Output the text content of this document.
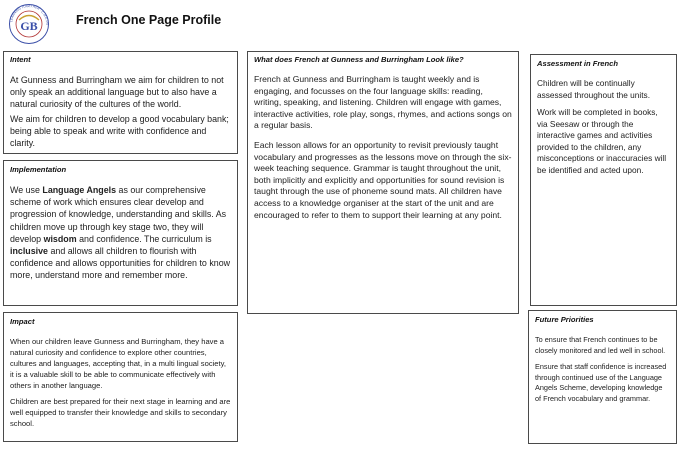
GB
LEARNING TOGETHER · C of E PR French One Page Profile
Intent

At Gunness and Burringham we aim for children to not only speak an additional language but to also have a natural curiosity of the cultures of the world.

We aim for children to develop a good vocabulary bank; being able to speak and write with confidence and clarity.

Implementation

We use Language Angels as our comprehensive scheme of work which ensures clear develop and progression of knowledge, understanding and skills. As children move up through key stage two, they will develop wisdom and confidence. The curriculum is inclusive and allows all children to flourish with confidence and allows opportunities for children to know more, understand more and remember more.

Impact

When our children leave Gunness and Burringham, they have a natural curiosity and confidence to explore other countries, cultures and languages, accepting that, in a multi lingual society, it is a valuable skill to be able to communicate effectively with others in another language.

Children are best prepared for their next stage in learning and are well equipped to transfer their knowledge and skills to secondary school.

What does French at Gunness and Burringham Look like?

French at Gunness and Burringham is taught weekly and is engaging, and focusses on the four language skills: reading, writing, speaking, and listening. Children will engage with games, interactive activities, role play, songs, rhymes, and actions songs on a regular basis.

Each lesson allows for an opportunity to revisit previously taught vocabulary and progresses as the lessons move on through the six-week teaching sequence. Grammar is taught throughout the unit, both implicitly and explicitly and opportunities for sound revision is taught through the use of phoneme sound mats. All children have access to a knowledge organiser at the start of the unit and are encouraged to refer to them to support their learning at any point.

Assessment in French

Children will be continually assessed throughout the units.

Work will be completed in books, via Seesaw or through the interactive games and activities provided to the children, any misconceptions or inaccuracies will be identified and acted upon.

Future Priorities

To ensure that French continues to be closely monitored and led well in school.

Ensure that staff confidence is increased through continued use of the Language Angels Scheme, developing knowledge of French vocabulary and grammar.
